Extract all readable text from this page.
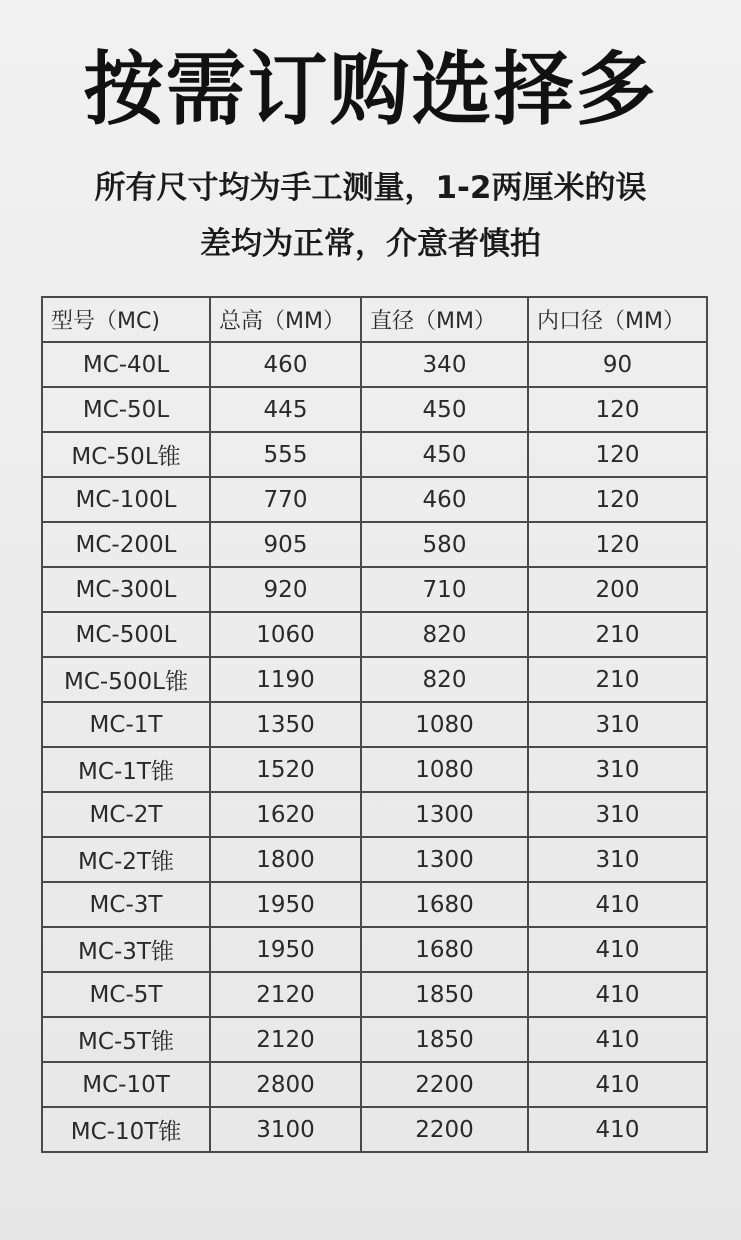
按需订购选择多
所有尺寸均为手工测量，1-2两厘米的误
差均为正常，介意者慎拍
型号（MC)	总高（MM）	直径（MM）	内口径（MM）
MC-40L	460	340	90
MC-50L	445	450	120
MC-50L锥	555	450	120
MC-100L	770	460	120
MC-200L	905	580	120
MC-300L	920	710	200
MC-500L	1060	820	210
MC-500L锥	1190	820	210
MC-1T	1350	1080	310
MC-1T锥	1520	1080	310
MC-2T	1620	1300	310
MC-2T锥	1800	1300	310
MC-3T	1950	1680	410
MC-3T锥	1950	1680	410
MC-5T	2120	1850	410
MC-5T锥	2120	1850	410
MC-10T	2800	2200	410
MC-10T锥	3100	2200	410
